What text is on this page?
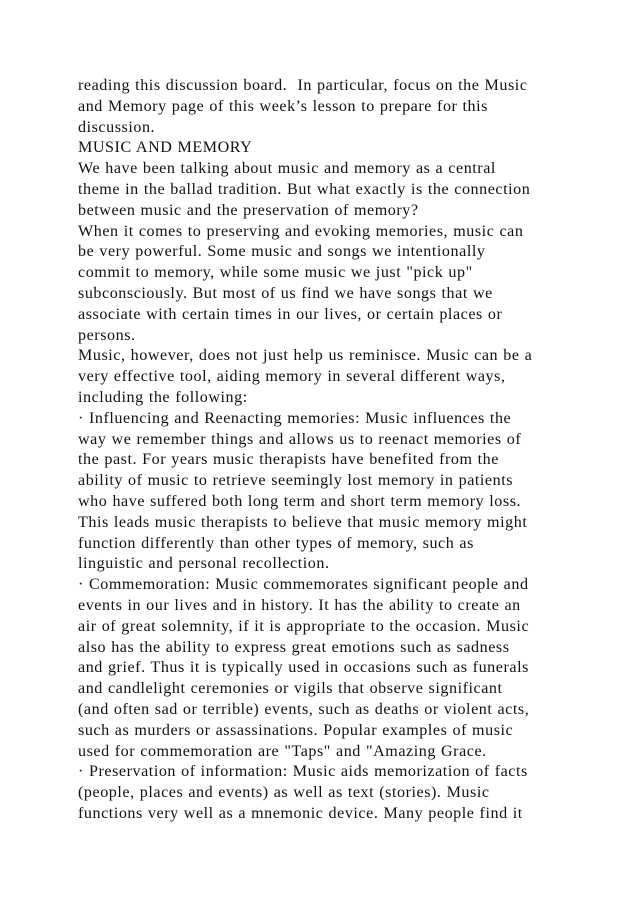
reading this discussion board.  In particular, focus on the Music
and Memory page of this week’s lesson to prepare for this
discussion.
MUSIC AND MEMORY
We have been talking about music and memory as a central
theme in the ballad tradition. But what exactly is the connection
between music and the preservation of memory?
When it comes to preserving and evoking memories, music can
be very powerful. Some music and songs we intentionally
commit to memory, while some music we just "pick up"
subconsciously. But most of us find we have songs that we
associate with certain times in our lives, or certain places or
persons.
Music, however, does not just help us reminisce. Music can be a
very effective tool, aiding memory in several different ways,
including the following:
· Influencing and Reenacting memories: Music influences the
way we remember things and allows us to reenact memories of
the past. For years music therapists have benefited from the
ability of music to retrieve seemingly lost memory in patients
who have suffered both long term and short term memory loss.
This leads music therapists to believe that music memory might
function differently than other types of memory, such as
linguistic and personal recollection.
· Commemoration: Music commemorates significant people and
events in our lives and in history. It has the ability to create an
air of great solemnity, if it is appropriate to the occasion. Music
also has the ability to express great emotions such as sadness
and grief. Thus it is typically used in occasions such as funerals
and candlelight ceremonies or vigils that observe significant
(and often sad or terrible) events, such as deaths or violent acts,
such as murders or assassinations. Popular examples of music
used for commemoration are "Taps" and "Amazing Grace.
· Preservation of information: Music aids memorization of facts
(people, places and events) as well as text (stories). Music
functions very well as a mnemonic device. Many people find it
